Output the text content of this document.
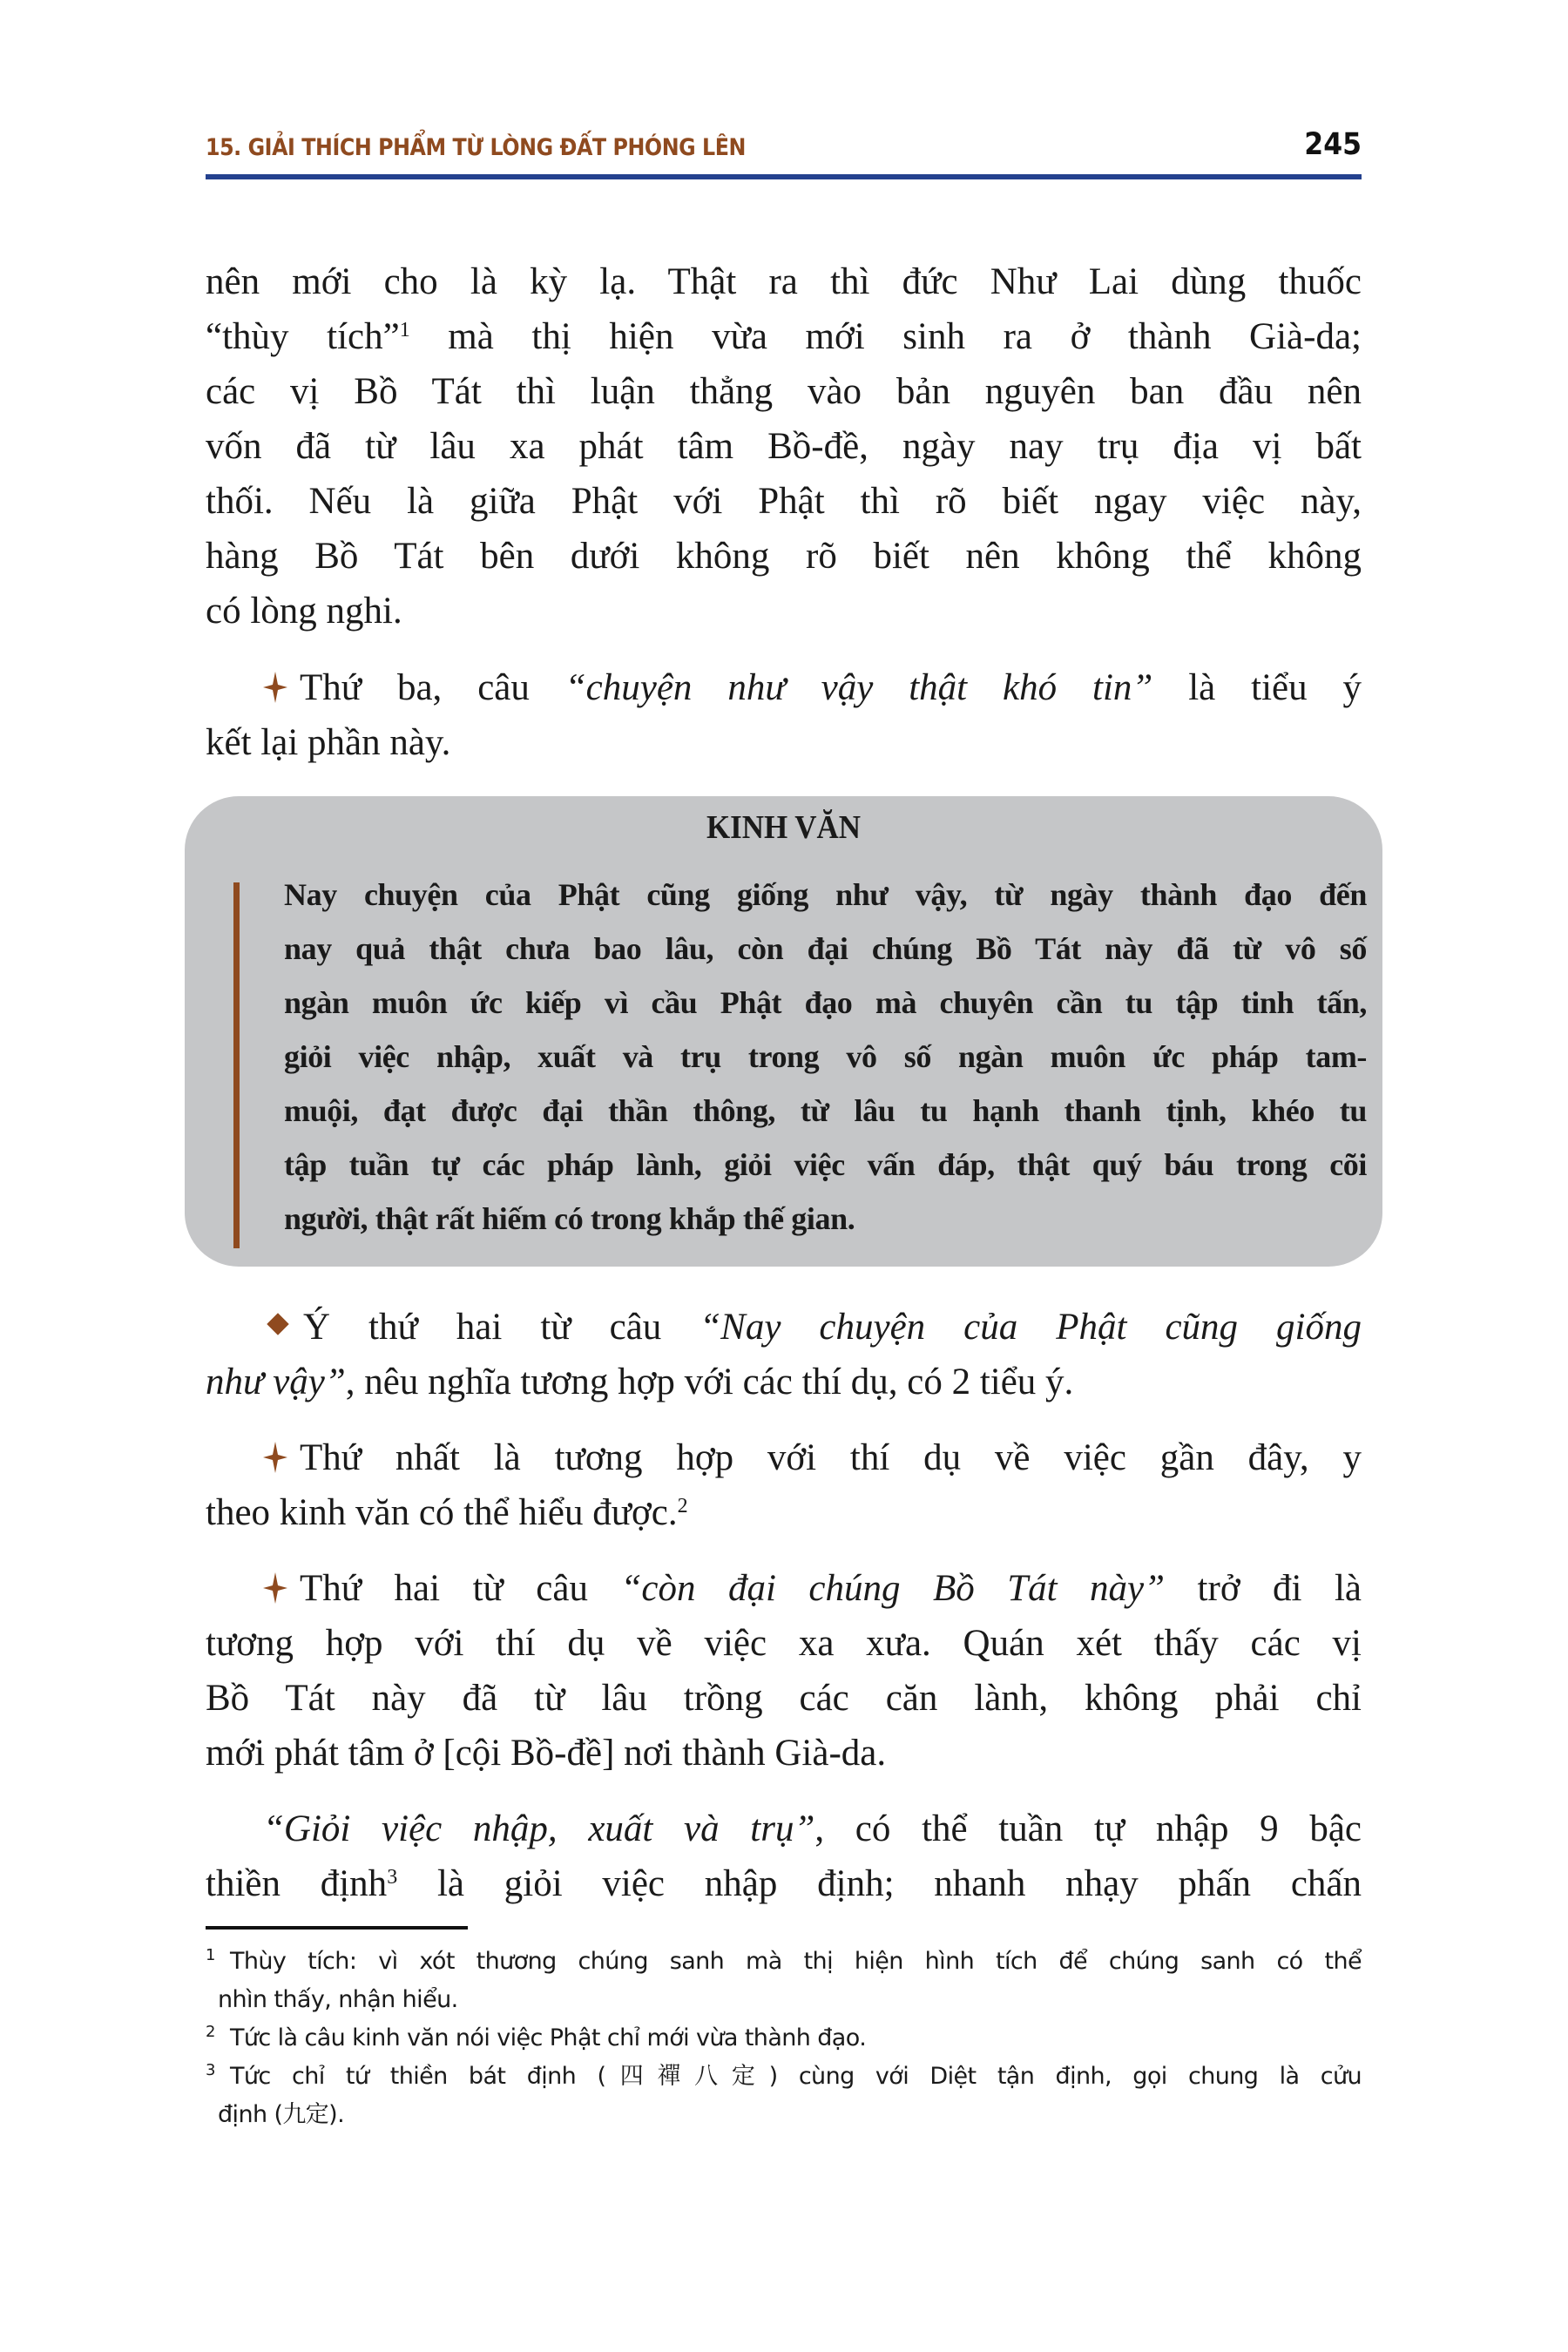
15. GIẢI THÍCH PHẨM TỪ LÒNG ĐẤT PHÓNG LÊN	245
nên mới cho là kỳ lạ. Thật ra thì đức Như Lai dùng thuốc
“thùy tích”$^1$ mà thị hiện vừa mới sinh ra ở thành Già-da;
các vị Bồ Tát thì luận thẳng vào bản nguyên ban đầu nên
vốn đã từ lâu xa phát tâm Bồ-đề, ngày nay trụ địa vị bất
thối. Nếu là giữa Phật với Phật thì rõ biết ngay việc này,
hàng Bồ Tát bên dưới không rõ biết nên không thể không
có lòng nghi.
Thứ ba, câu “chuyện như vậy thật khó tin” là tiểu ý
kết lại phần này.
KINH VĂN
Nay chuyện của Phật cũng giống như vậy, từ ngày thành đạo đến
nay quả thật chưa bao lâu, còn đại chúng Bồ Tát này đã từ vô số
ngàn muôn ức kiếp vì cầu Phật đạo mà chuyên cần tu tập tinh tấn,
giỏi việc nhập, xuất và trụ trong vô số ngàn muôn ức pháp tam-
muội, đạt được đại thần thông, từ lâu tu hạnh thanh tịnh, khéo tu
tập tuần tự các pháp lành, giỏi việc vấn đáp, thật quý báu trong cõi
người, thật rất hiếm có trong khắp thế gian.
Ý thứ hai từ câu “Nay chuyện của Phật cũng giống
như vậy”, nêu nghĩa tương hợp với các thí dụ, có 2 tiểu ý.
Thứ nhất là tương hợp với thí dụ về việc gần đây, y
theo kinh văn có thể hiểu được.$^2$
Thứ hai từ câu “còn đại chúng Bồ Tát này” trở đi là
tương hợp với thí dụ về việc xa xưa. Quán xét thấy các vị
Bồ Tát này đã từ lâu trồng các căn lành, không phải chỉ
mới phát tâm ở [cội Bồ-đề] nơi thành Già-da.
“Giỏi việc nhập, xuất và trụ”, có thể tuần tự nhập 9 bậc
thiền định$^3$ là giỏi việc nhập định; nhanh nhạy phấn chấn
1 Thùy tích: vì xót thương chúng sanh mà thị hiện hình tích để chúng sanh có thể
nhìn thấy, nhận hiểu.
2 Tức là câu kinh văn nói việc Phật chỉ mới vừa thành đạo.
3 Tức chỉ tứ thiền bát định (四禪八定) cùng với Diệt tận định, gọi chung là cửu
định (九定).
